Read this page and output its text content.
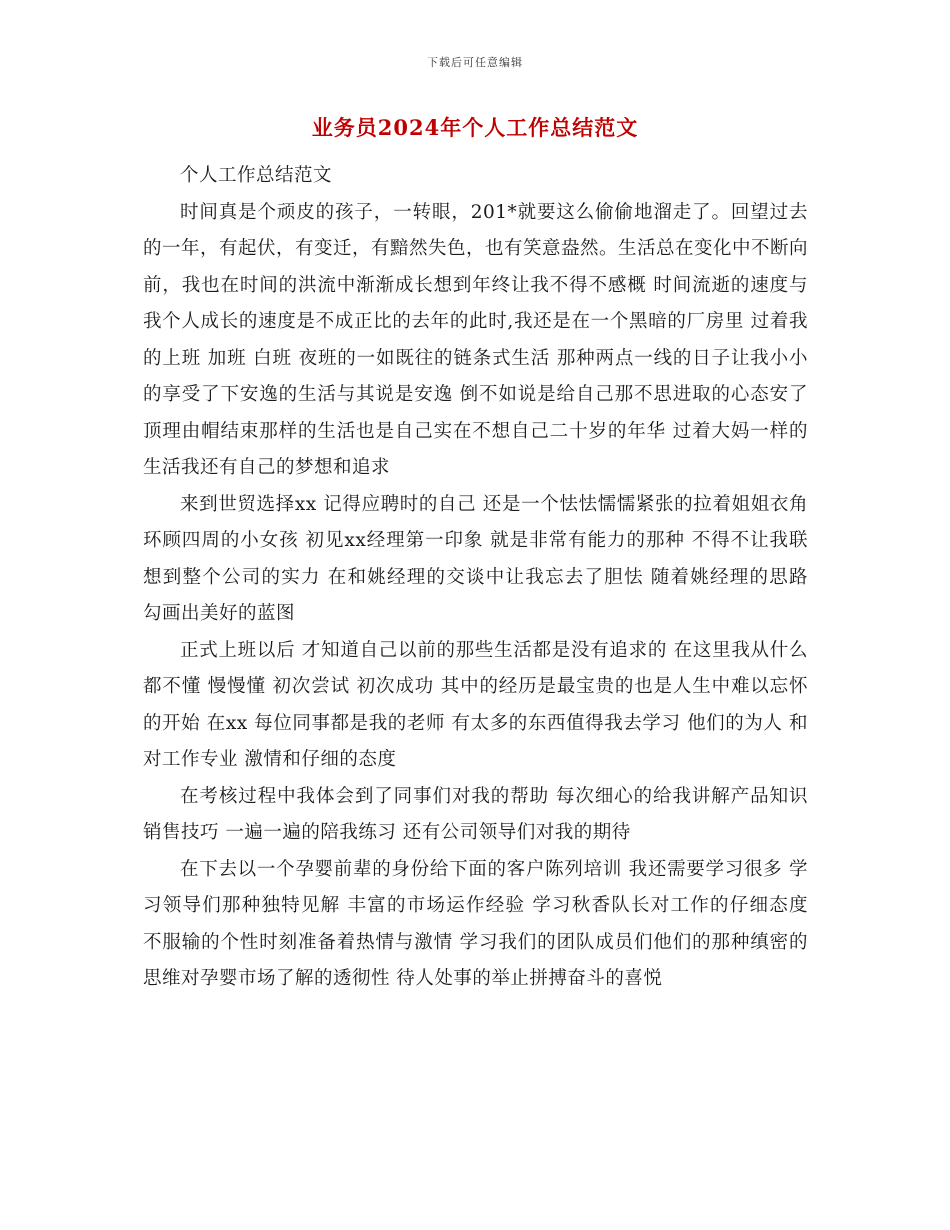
下载后可任意编辑
业务员2024年个人工作总结范文

个人工作总结范文

时间真是个顽皮的孩子，一转眼，201*就要这么偷偷地溜走了。回望过去的一年，有起伏，有变迁，有黯然失色，也有笑意盎然。生活总在变化中不断向前，我也在时间的洪流中渐渐成长想到年终让我不得不感概 时间流逝的速度与我个人成长的速度是不成正比的去年的此时,我还是在一个黑暗的厂房里 过着我的上班 加班 白班 夜班的一如既往的链条式生活 那种两点一线的日子让我小小的享受了下安逸的生活与其说是安逸 倒不如说是给自己那不思进取的心态安了顶理由帽结束那样的生活也是自己实在不想自己二十岁的年华 过着大妈一样的生活我还有自己的梦想和追求

来到世贸选择xx 记得应聘时的自己 还是一个怯怯懦懦紧张的拉着姐姐衣角环顾四周的小女孩 初见xx经理第一印象 就是非常有能力的那种 不得不让我联想到整个公司的实力 在和姚经理的交谈中让我忘去了胆怯 随着姚经理的思路 勾画出美好的蓝图

正式上班以后 才知道自己以前的那些生活都是没有追求的 在这里我从什么都不懂 慢慢懂 初次尝试 初次成功 其中的经历是最宝贵的也是人生中难以忘怀的开始 在xx 每位同事都是我的老师 有太多的东西值得我去学习 他们的为人 和对工作专业 激情和仔细的态度

在考核过程中我体会到了同事们对我的帮助 每次细心的给我讲解产品知识销售技巧 一遍一遍的陪我练习 还有公司领导们对我的期待

在下去以一个孕婴前辈的身份给下面的客户陈列培训 我还需要学习很多 学习领导们那种独特见解 丰富的市场运作经验 学习秋香队长对工作的仔细态度 不服输的个性时刻准备着热情与激情 学习我们的团队成员们他们的那种缜密的思维对孕婴市场了解的透彻性 待人处事的举止拼搏奋斗的喜悦
